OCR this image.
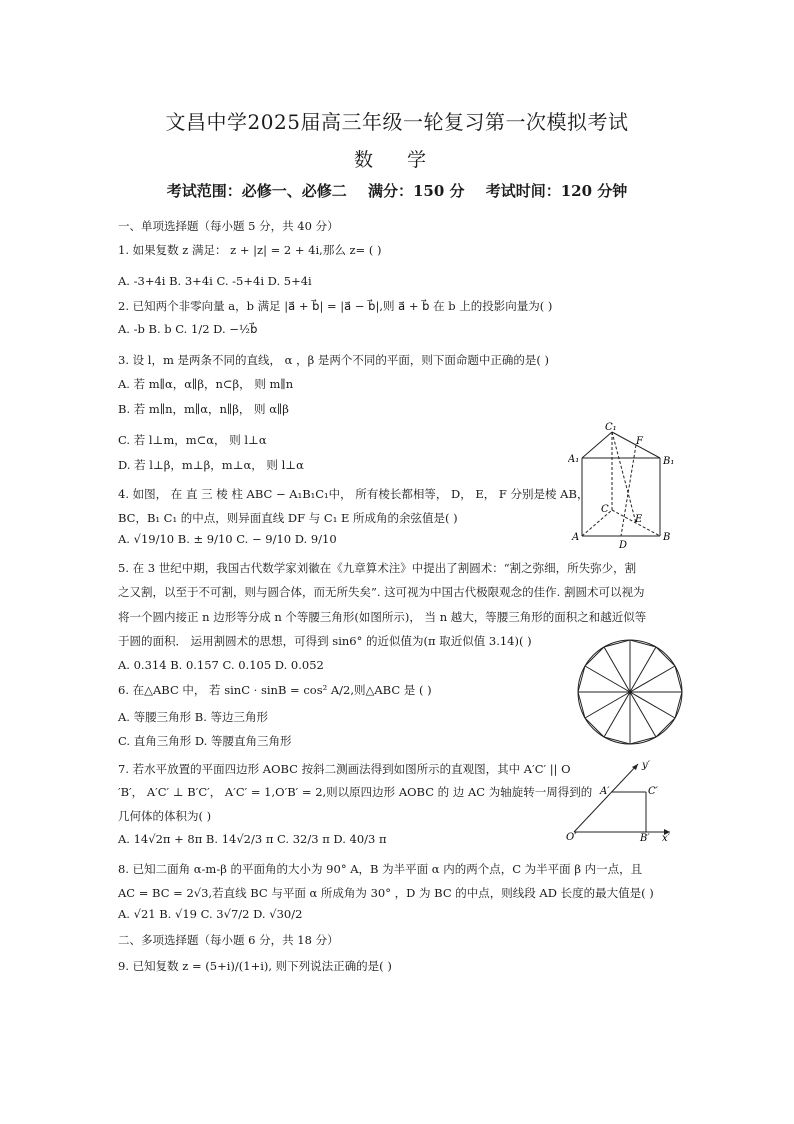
文昌中学2025届高三年级一轮复习第一次模拟考试
数 学
考试范围：必修一、必修二 满分：150 分 考试时间：120 分钟
一、单项选择题（每小题 5 分，共 40 分）
1. 如果复数 z 满足： z + |z| = 2 + 4i,那么 z= ( )
A. -3+4i B. 3+4i C. -5+4i D. 5+4i
2. 已知两个非零向量 a，b 满足 |a⃗ + b⃗| = |a⃗ − b⃗|,则 a⃗ + b⃗ 在 b 上的投影向量为( )
A. -b B. b C. 1/2 D. −½b⃗
3. 设 l，m 是两条不同的直线， α ，β 是两个不同的平面，则下面命题中正确的是( )
A. 若 m∥α，α∥β，n⊂β， 则 m∥n
B. 若 m∥n，m∥α，n∥β， 则 α∥β
C. 若 l⊥m，m⊂α， 则 l⊥α
D. 若 l⊥β，m⊥β，m⊥α， 则 l⊥α
4. 如图， 在 直 三 棱 柱 ABC − A₁B₁C₁中， 所有棱长都相等， D， E， F 分别是棱 AB，
BC，B₁ C₁ 的中点，则异面直线 DF 与 C₁ E 所成角的余弦值是( )
A. √19/10 B. ± 9/10 C. − 9/10 D. 9/10
5. 在 3 世纪中期，我国古代数学家刘徽在《九章算术注》中提出了割圆术：“割之弥细，所失弥少，割
之又割，以至于不可割，则与圆合体，而无所失矣”. 这可视为中国古代极限观念的佳作. 割圆术可以视为
将一个圆内接正 n 边形等分成 n 个等腰三角形(如图所示)， 当 n 越大，等腰三角形的面积之和越近似等
于圆的面积． 运用割圆术的思想，可得到 sin6° 的近似值为(π 取近似值 3.14)( )
A. 0.314 B. 0.157 C. 0.105 D. 0.052
6. 在△ABC 中， 若 sinC · sinB = cos² A/2,则△ABC 是 ( )
A. 等腰三角形 B. 等边三角形
C. 直角三角形 D. 等腰直角三角形
7. 若水平放置的平面四边形 AOBC 按斜二测画法得到如图所示的直观图，其中 A′C′ || O
′B′， A′C′ ⊥ B′C′， A′C′ = 1,O′B′ = 2,则以原四边形 AOBC 的 边 AC 为轴旋转一周得到的
几何体的体积为( )
A. 14√2π + 8π B. 14√2/3 π C. 32/3 π D. 40/3 π
8. 已知二面角 α-m-β 的平面角的大小为 90° A，B 为半平面 α 内的两个点，C 为半平面 β 内一点，且
AC = BC = 2√3,若直线 BC 与平面 α 所成角为 30° ，D 为 BC 的中点，则线段 AD 长度的最大值是( )
A. √21 B. √19 C. 3√7/2 D. √30/2
二、多项选择题（每小题 6 分，共 18 分）
9. 已知复数 z = (5+i)/(1+i), 则下列说法正确的是( )
C₁
F
A₁	B₁
C
E
A
D
B
y′
A′	C′
O′	B′ x′
